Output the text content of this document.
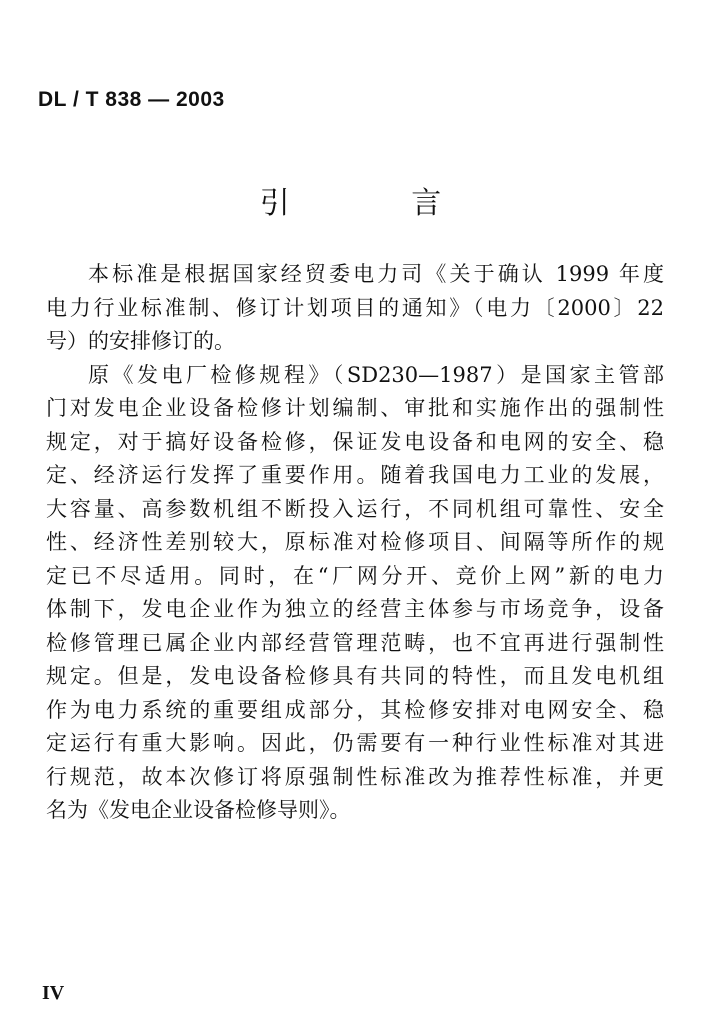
DL / T 838 — 2003
引 言
本标准是根据国家经贸委电力司《关于确认 1999 年度
电力行业标准制、修订计划项目的通知》（电力〔2000〕22
号）的安排修订的。
原《发电厂检修规程》（SD230—1987）是国家主管部
门对发电企业设备检修计划编制、审批和实施作出的强制性
规定，对于搞好设备检修，保证发电设备和电网的安全、稳
定、经济运行发挥了重要作用。随着我国电力工业的发展，
大容量、高参数机组不断投入运行，不同机组可靠性、安全
性、经济性差别较大，原标准对检修项目、间隔等所作的规
定已不尽适用。同时，在“厂网分开、竞价上网”新的电力
体制下，发电企业作为独立的经营主体参与市场竞争，设备
检修管理已属企业内部经营管理范畴，也不宜再进行强制性
规定。但是，发电设备检修具有共同的特性，而且发电机组
作为电力系统的重要组成部分，其检修安排对电网安全、稳
定运行有重大影响。因此，仍需要有一种行业性标准对其进
行规范，故本次修订将原强制性标准改为推荐性标准，并更
名为《发电企业设备检修导则》。
IV
